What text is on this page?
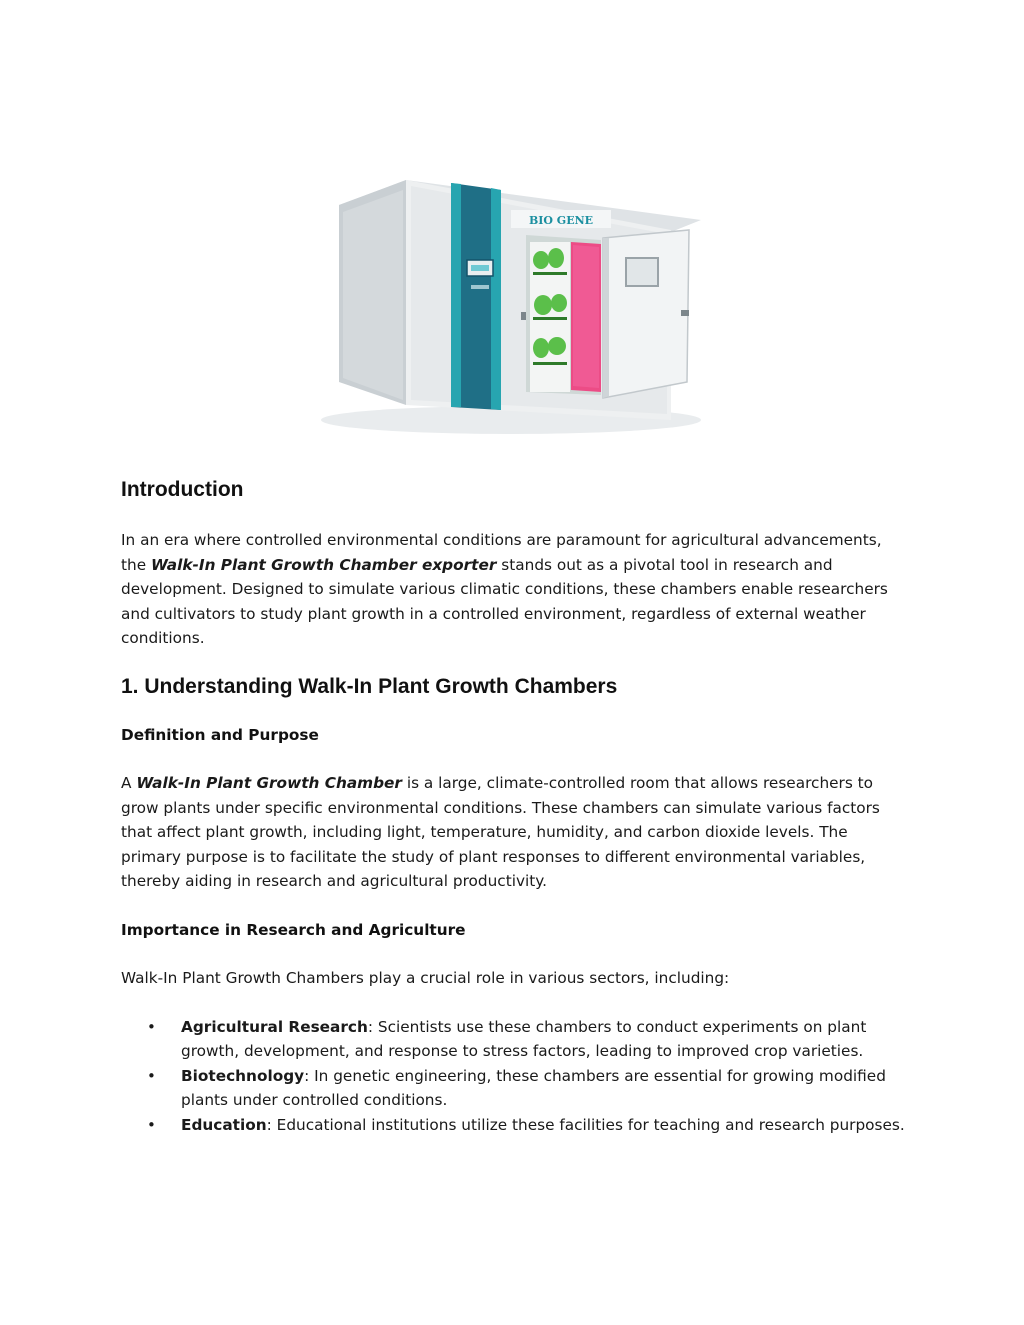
BIO GENE
Introduction

In an era where controlled environmental conditions are paramount for agricultural advancements, the Walk-In Plant Growth Chamber exporter stands out as a pivotal tool in research and development. Designed to simulate various climatic conditions, these chambers enable researchers and cultivators to study plant growth in a controlled environment, regardless of external weather conditions.

1. Understanding Walk-In Plant Growth Chambers

Definition and Purpose

A Walk-In Plant Growth Chamber is a large, climate-controlled room that allows researchers to grow plants under specific environmental conditions. These chambers can simulate various factors that affect plant growth, including light, temperature, humidity, and carbon dioxide levels. The primary purpose is to facilitate the study of plant responses to different environmental variables, thereby aiding in research and agricultural productivity.

Importance in Research and Agriculture

Walk-In Plant Growth Chambers play a crucial role in various sectors, including:

• Agricultural Research: Scientists use these chambers to conduct experiments on plant growth, development, and response to stress factors, leading to improved crop varieties.
• Biotechnology: In genetic engineering, these chambers are essential for growing modified plants under controlled conditions.
• Education: Educational institutions utilize these facilities for teaching and research purposes.
